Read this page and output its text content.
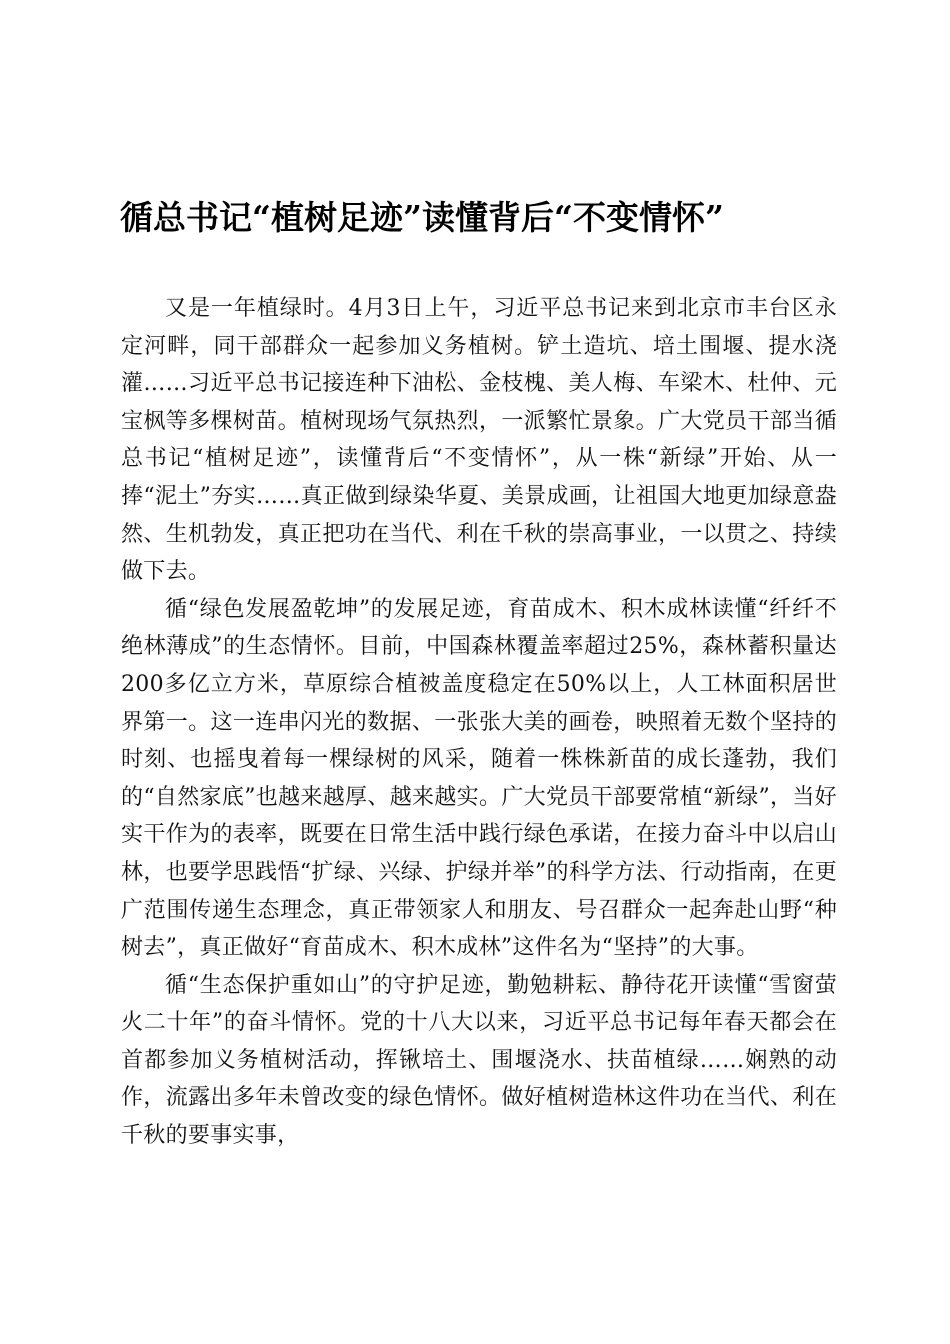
循总书记“植树足迹”读懂背后“不变情怀”

又是一年植绿时。4月3日上午，习近平总书记来到北京市丰台区永定河畔，同干部群众一起参加义务植树。铲土造坑、培土围堰、提水浇灌……习近平总书记接连种下油松、金枝槐、美人梅、车梁木、杜仲、元宝枫等多棵树苗。植树现场气氛热烈，一派繁忙景象。广大党员干部当循总书记“植树足迹”，读懂背后“不变情怀”，从一株“新绿”开始、从一捧“泥土”夯实……真正做到绿染华夏、美景成画，让祖国大地更加绿意盎然、生机勃发，真正把功在当代、利在千秋的崇高事业，一以贯之、持续做下去。

循“绿色发展盈乾坤”的发展足迹，育苗成木、积木成林读懂“纤纤不绝林薄成”的生态情怀。目前，中国森林覆盖率超过25%，森林蓄积量达200多亿立方米，草原综合植被盖度稳定在50%以上，人工林面积居世界第一。这一连串闪光的数据、一张张大美的画卷，映照着无数个坚持的时刻、也摇曳着每一棵绿树的风采，随着一株株新苗的成长蓬勃，我们的“自然家底”也越来越厚、越来越实。广大党员干部要常植“新绿”，当好实干作为的表率，既要在日常生活中践行绿色承诺，在接力奋斗中以启山林，也要学思践悟“扩绿、兴绿、护绿并举”的科学方法、行动指南，在更广范围传递生态理念，真正带领家人和朋友、号召群众一起奔赴山野“种树去”，真正做好“育苗成木、积木成林”这件名为“坚持”的大事。

循“生态保护重如山”的守护足迹，勤勉耕耘、静待花开读懂“雪窗萤火二十年”的奋斗情怀。党的十八大以来，习近平总书记每年春天都会在首都参加义务植树活动，挥锹培土、围堰浇水、扶苗植绿……娴熟的动作，流露出多年未曾改变的绿色情怀。做好植树造林这件功在当代、利在千秋的要事实事，
